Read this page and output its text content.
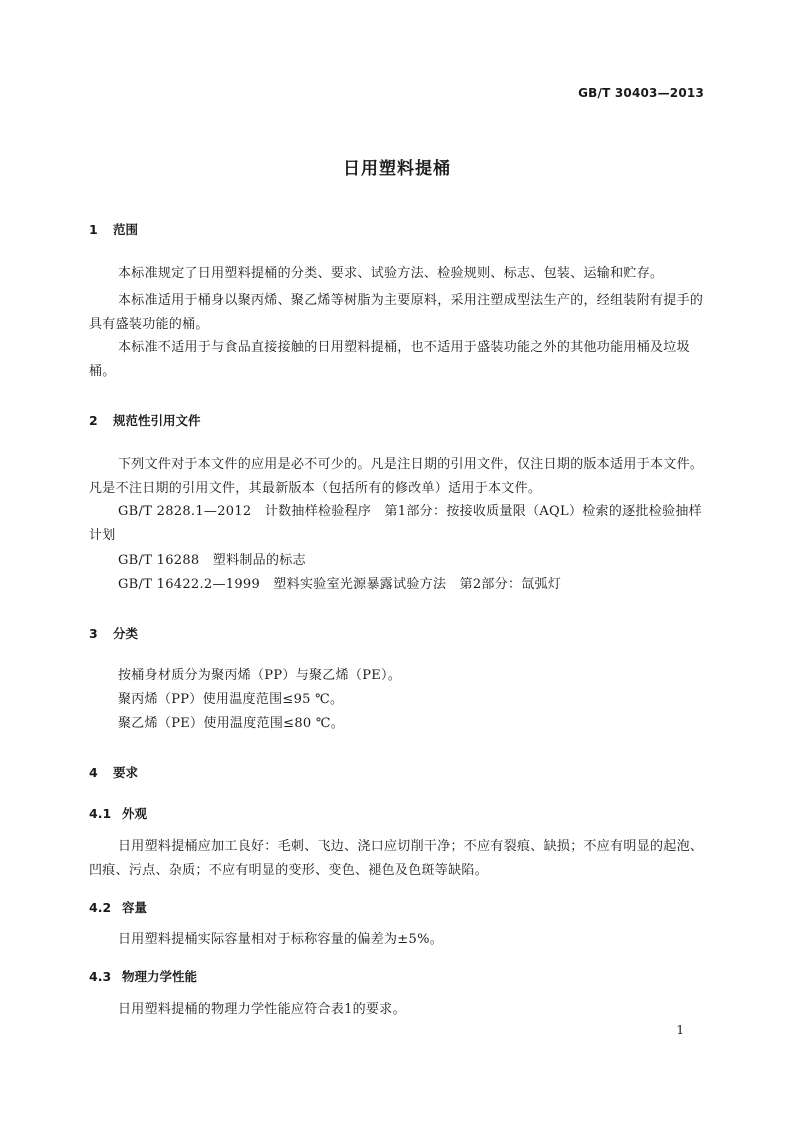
GB/T 30403—2013
日用塑料提桶
1 范围
本标准规定了日用塑料提桶的分类、要求、试验方法、检验规则、标志、包装、运输和贮存。
本标准适用于桶身以聚丙烯、聚乙烯等树脂为主要原料，采用注塑成型法生产的，经组装附有提手的具有盛装功能的桶。
本标准不适用于与食品直接接触的日用塑料提桶，也不适用于盛装功能之外的其他功能用桶及垃圾桶。
2 规范性引用文件
下列文件对于本文件的应用是必不可少的。凡是注日期的引用文件，仅注日期的版本适用于本文件。凡是不注日期的引用文件，其最新版本（包括所有的修改单）适用于本文件。
GB/T 2828.1—2012　计数抽样检验程序　第1部分：按接收质量限（AQL）检索的逐批检验抽样计划
GB/T 16288　塑料制品的标志
GB/T 16422.2—1999　塑料实验室光源暴露试验方法　第2部分：氙弧灯
3 分类
按桶身材质分为聚丙烯（PP）与聚乙烯（PE）。
聚丙烯（PP）使用温度范围≤95 ℃。
聚乙烯（PE）使用温度范围≤80 ℃。
4 要求
4.1 外观
日用塑料提桶应加工良好：毛刺、飞边、浇口应切削干净；不应有裂痕、缺损；不应有明显的起泡、凹痕、污点、杂质；不应有明显的变形、变色、褪色及色斑等缺陷。
4.2 容量
日用塑料提桶实际容量相对于标称容量的偏差为±5%。
4.3 物理力学性能
日用塑料提桶的物理力学性能应符合表1的要求。
1
